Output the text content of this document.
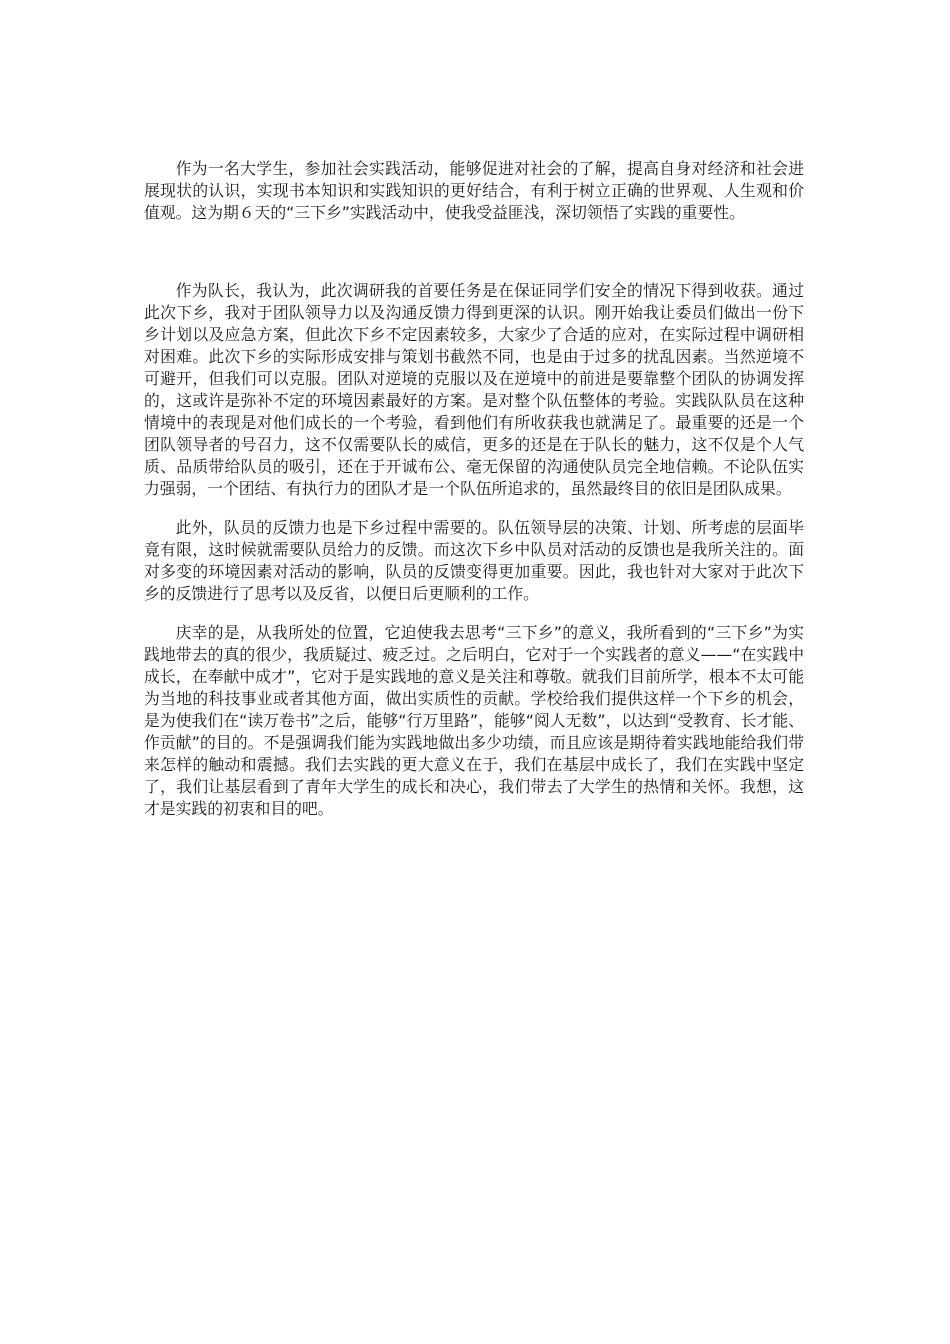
作为一名大学生，参加社会实践活动，能够促进对社会的了解，提高自身对经济和社会进展现状的认识，实现书本知识和实践知识的更好结合，有利于树立正确的世界观、人生观和价值观。这为期６天的“三下乡”实践活动中，使我受益匪浅，深切领悟了实践的重要性。

作为队长，我认为，此次调研我的首要任务是在保证同学们安全的情况下得到收获。通过此次下乡，我对于团队领导力以及沟通反馈力得到更深的认识。刚开始我让委员们做出一份下乡计划以及应急方案，但此次下乡不定因素较多，大家少了合适的应对，在实际过程中调研相对困难。此次下乡的实际形成安排与策划书截然不同，也是由于过多的扰乱因素。当然逆境不可避开，但我们可以克服。团队对逆境的克服以及在逆境中的前进是要靠整个团队的协调发挥的，这或许是弥补不定的环境因素最好的方案。是对整个队伍整体的考验。实践队队员在这种情境中的表现是对他们成长的一个考验，看到他们有所收获我也就满足了。最重要的还是一个团队领导者的号召力，这不仅需要队长的威信，更多的还是在于队长的魅力，这不仅是个人气质、品质带给队员的吸引，还在于开诚布公、毫无保留的沟通使队员完全地信赖。不论队伍实力强弱，一个团结、有执行力的团队才是一个队伍所追求的，虽然最终目的依旧是团队成果。

此外，队员的反馈力也是下乡过程中需要的。队伍领导层的决策、计划、所考虑的层面毕竟有限，这时候就需要队员给力的反馈。而这次下乡中队员对活动的反馈也是我所关注的。面对多变的环境因素对活动的影响，队员的反馈变得更加重要。因此，我也针对大家对于此次下乡的反馈进行了思考以及反省，以便日后更顺利的工作。

庆幸的是，从我所处的位置，它迫使我去思考“三下乡”的意义，我所看到的“三下乡”为实践地带去的真的很少，我质疑过、疲乏过。之后明白，它对于一个实践者的意义——“在实践中成长，在奉献中成才”，它对于是实践地的意义是关注和尊敬。就我们目前所学，根本不太可能为当地的科技事业或者其他方面，做出实质性的贡献。学校给我们提供这样一个下乡的机会，是为使我们在“读万卷书”之后，能够“行万里路”，能够“阅人无数”，以达到“受教育、长才能、作贡献”的目的。不是强调我们能为实践地做出多少功绩，而且应该是期待着实践地能给我们带来怎样的触动和震撼。我们去实践的更大意义在于，我们在基层中成长了，我们在实践中坚定了，我们让基层看到了青年大学生的成长和决心，我们带去了大学生的热情和关怀。我想，这才是实践的初衷和目的吧。
